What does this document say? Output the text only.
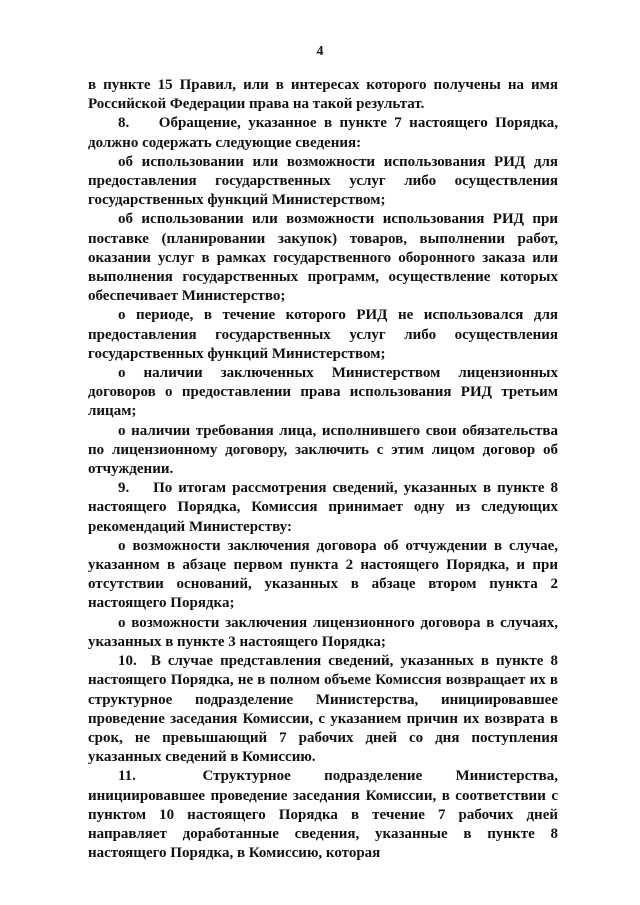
4

в пункте 15 Правил, или в интересах которого получены на имя Российской Федерации права на такой результат.

8.    Обращение, указанное в пункте 7 настоящего Порядка, должно содержать следующие сведения:

об использовании или возможности использования РИД для предоставления государственных услуг либо осуществления государственных функций Министерством;

об использовании или возможности использования РИД при поставке (планировании закупок) товаров, выполнении работ, оказании услуг в рамках государственного оборонного заказа или выполнения государственных программ, осуществление которых обеспечивает Министерство;

о периоде, в течение которого РИД не использовался для предоставления государственных услуг либо осуществления государственных функций Министерством;

о наличии заключенных Министерством лицензионных договоров о предоставлении права использования РИД третьим лицам;

о наличии требования лица, исполнившего свои обязательства по лицензионному договору, заключить с этим лицом договор об отчуждении.

9.    По итогам рассмотрения сведений, указанных в пункте 8 настоящего Порядка, Комиссия принимает одну из следующих рекомендаций Министерству:

о возможности заключения договора об отчуждении в случае, указанном в абзаце первом пункта 2 настоящего Порядка, и при отсутствии оснований, указанных в абзаце втором пункта 2 настоящего Порядка;

о возможности заключения лицензионного договора в случаях, указанных в пункте 3 настоящего Порядка;

10.  В случае представления сведений, указанных в пункте 8 настоящего Порядка, не в полном объеме Комиссия возвращает их в структурное подразделение Министерства, инициировавшее проведение заседания Комиссии, с указанием причин их возврата в срок, не превышающий 7 рабочих дней со дня поступления указанных сведений в Комиссию.

11.  Структурное подразделение Министерства, инициировавшее проведение заседания Комиссии, в соответствии с пунктом 10 настоящего Порядка в течение 7 рабочих дней направляет доработанные сведения, указанные в пункте 8 настоящего Порядка, в Комиссию, которая
